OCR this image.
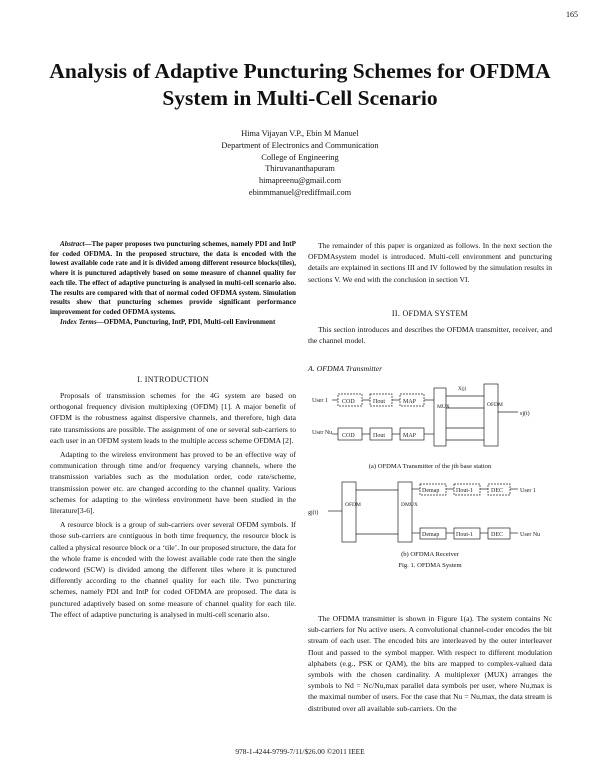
165
Analysis of Adaptive Puncturing Schemes for OFDMA System in Multi-Cell Scenario
Hima Vijayan V.P., Ebin M Manuel
Department of Electronics and Communication
College of Engineering
Thiruvananthapuram
himapreenu@gmail.com
ebinmmanuel@rediffmail.com
Abstract—The paper proposes two puncturing schemes, namely PDI and IntP for coded OFDMA. In the proposed structure, the data is encoded with the lowest available code rate and it is divided among different resource blocks(tiles), where it is punctured adaptively based on some measure of channel quality for each tile. The effect of adaptive puncturing is analysed in multi-cell scenario also. The results are compared with that of normal coded OFDMA system. Simulation results show that puncturing schemes provide significant performance improvement for coded OFDMA systems.
Index Terms—OFDMA, Puncturing, IntP, PDI, Multi-cell Environment
I. INTRODUCTION

Proposals of transmission schemes for the 4G system are based on orthogonal frequency division multiplexing (OFDM) [1]. A major benefit of OFDM is the robustness against dispersive channels, and therefore, high data rate transmissions are possible. The assignment of one or several sub-carriers to each user in an OFDM system leads to the multiple access scheme OFDMA [2].

Adapting to the wireless environment has proved to be an effective way of communication through time and/or frequency varying channels, where the transmission variables such as the modulation order, code rate/scheme, transmission power etc. are changed according to the channel quality. Various schemes for adapting to the wireless environment have been studied in the literature[3-6].

A resource block is a group of sub-carriers over several OFDM symbols. If those sub-carriers are contiguous in both time frequency, the resource block is called a physical resource block or a ‘tile’. In our proposed structure, the data for the whole frame is encoded with the lowest available code rate then the single codeword (SCW) is divided among the different tiles where it is punctured differently according to the channel quality for each tile. Two puncturing schemes, namely PDI and IntP for coded OFDMA are proposed. The data is punctured adaptively based on some measure of channel quality for each tile. The effect of adaptive puncturing is analysed in multi-cell scenario also.

The remainder of this paper is organized as follows. In the next section the OFDMAsystem model is introduced. Multi-cell environment and puncturing details are explained in sections III and IV followed by the simulation results in sections V. We end with the conclusion in section VI.

II. OFDMA SYSTEM

This section introduces and describes the OFDMA transmitter, receiver, and the channel model.

A. OFDMA Transmitter
User 1
User Nu
COD
COD
Πout
Πout
MAP
MAP
MUX	OFDM
X(j)
sj(t)
(a) OFDMA Transmitter of the jth base station
gj(t)
OFDM	DMUX
Demap
Demap
Πout-1
Πout-1
DEC
DEC
User 1
User Nu
(b) OFDMA Receiver
Fig. 1. OFDMA System

The OFDMA transmitter is shown in Figure 1(a). The system contains Nc sub-carriers for Nu active users. A convolutional channel-coder encodes the bit stream of each user. The encoded bits are interleaved by the outer interleaver Πout and passed to the symbol mapper. With respect to different modulation alphabets (e.g., PSK or QAM), the bits are mapped to complex-valued data symbols with the chosen cardinality. A multiplexer (MUX) arranges the symbols to Nd = Nc/Nu,max parallel data symbols per user, where Nu,max is the maximal number of users. For the case that Nu = Nu,max, the data stream is distributed over all available sub-carriers. On the

978-1-4244-9799-7/11/$26.00 ©2011 IEEE
